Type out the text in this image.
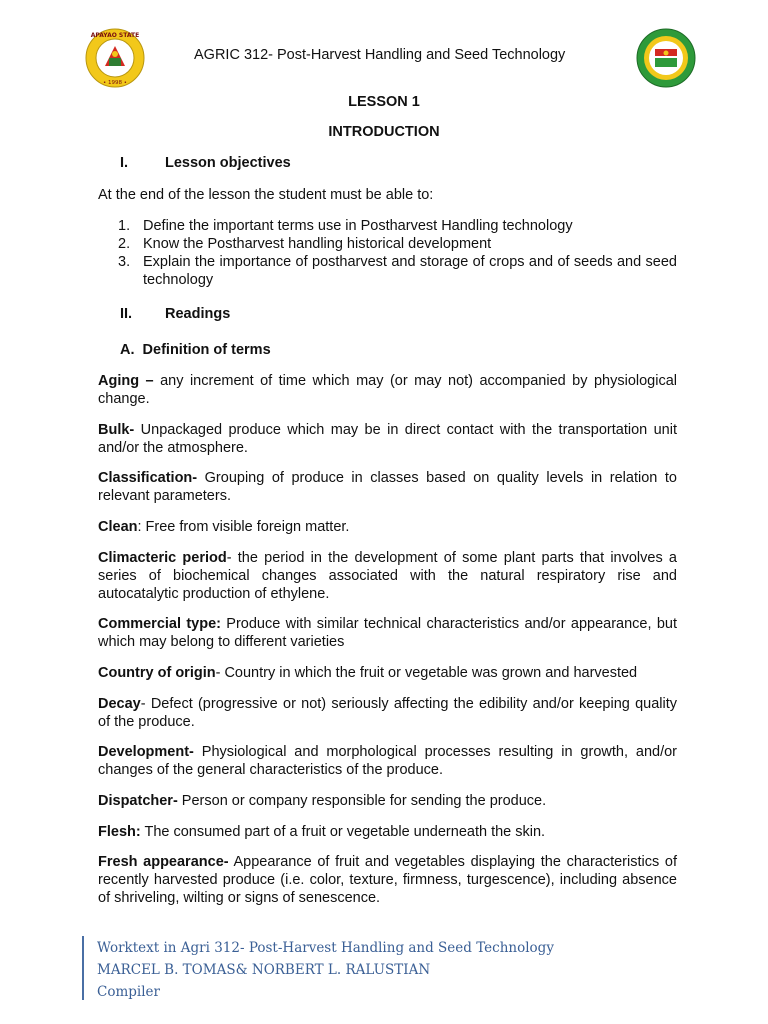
APAYAO STATE
• 1998 •
AGRIC 312- Post-Harvest Handling and Seed Technology
LESSON 1
INTRODUCTION
I.	Lesson objectives
At the end of the lesson the student must be able to:
1. Define the important terms use in Postharvest Handling technology
2. Know the Postharvest handling historical development
3. Explain the importance of postharvest and storage of crops and of seeds and seed technology
II. Readings
A.  Definition of terms

Aging – any increment of time which may (or may not) accompanied by physiological change.

Bulk- Unpackaged produce which may be in direct contact with the transportation unit and/or the atmosphere.

Classification- Grouping of produce in classes based on quality levels in relation to relevant parameters.

Clean: Free from visible foreign matter.

Climacteric period- the period in the development of some plant parts that involves a series of biochemical changes associated with the natural respiratory rise and autocatalytic production of ethylene.

Commercial type: Produce with similar technical characteristics and/or appearance, but which may belong to different varieties

Country of origin- Country in which the fruit or vegetable was grown and harvested

Decay- Defect (progressive or not) seriously affecting the edibility and/or keeping quality of the produce.

Development- Physiological and morphological processes resulting in growth, and/or changes of the general characteristics of the produce.

Dispatcher- Person or company responsible for sending the produce.

Flesh: The consumed part of a fruit or vegetable underneath the skin.

Fresh appearance- Appearance of fruit and vegetables displaying the characteristics of recently harvested produce (i.e. color, texture, firmness, turgescence), including absence of shriveling, wilting or signs of senescence.

Worktext in Agri 312- Post-Harvest Handling and Seed Technology
MARCEL B. TOMAS& NORBERT L. RALUSTIAN
Compiler
